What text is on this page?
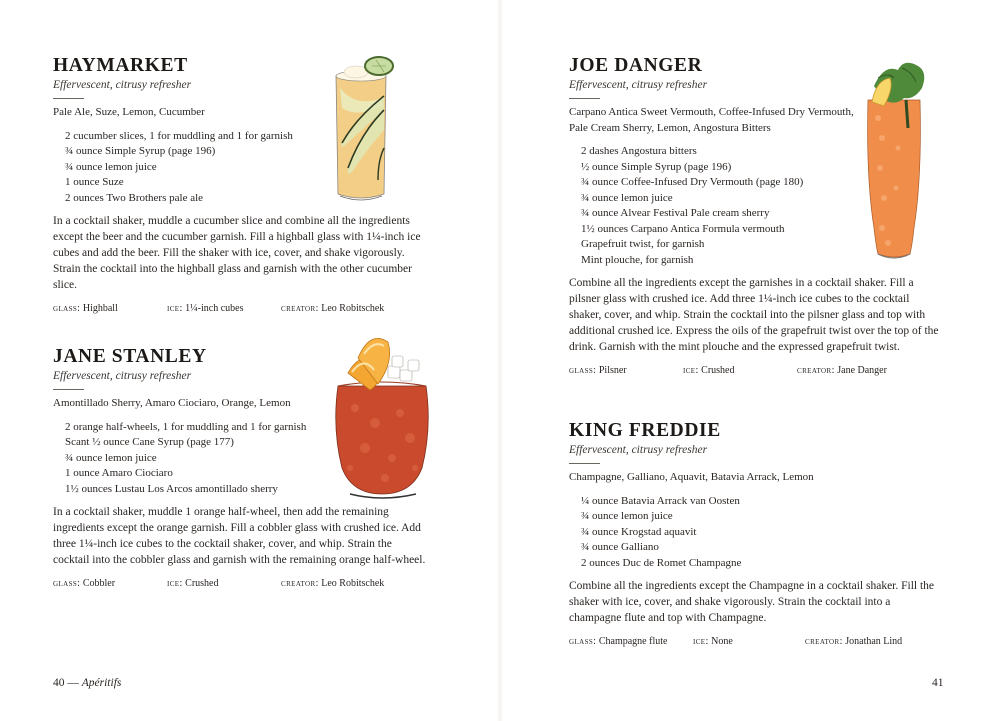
HAYMARKET
Effervescent, citrusy refresher
Pale Ale, Suze, Lemon, Cucumber
2 cucumber slices, 1 for muddling and 1 for garnish
¾ ounce Simple Syrup (page 196)
¾ ounce lemon juice
1 ounce Suze
2 ounces Two Brothers pale ale

In a cocktail shaker, muddle a cucumber slice and combine all the ingredients except the beer and the cucumber garnish. Fill a highball glass with 1¼-inch ice cubes and add the beer. Fill the shaker with ice, cover, and shake vigorously. Strain the cocktail into the highball glass and garnish with the other cucumber slice.

glass: Highball	ice: 1¼-inch cubes	creator: Leo Robitschek
JANE STANLEY
Effervescent, citrusy refresher
Amontillado Sherry, Amaro Ciociaro, Orange, Lemon
2 orange half-wheels, 1 for muddling and 1 for garnish
Scant ½ ounce Cane Syrup (page 177)
¾ ounce lemon juice
1 ounce Amaro Ciociaro
1½ ounces Lustau Los Arcos amontillado sherry

In a cocktail shaker, muddle 1 orange half-wheel, then add the remaining ingredients except the orange garnish. Fill a cobbler glass with crushed ice. Add three 1¼-inch ice cubes to the cocktail shaker, cover, and whip. Strain the cocktail into the cobbler glass and garnish with the remaining orange half-wheel.

glass: Cobbler	ice: Crushed	creator: Leo Robitschek
40 — Apéritifs
JOE DANGER
Effervescent, citrusy refresher
Carpano Antica Sweet Vermouth, Coffee-Infused Dry Vermouth, Pale Cream Sherry, Lemon, Angostura Bitters
2 dashes Angostura bitters
½ ounce Simple Syrup (page 196)
¾ ounce Coffee-Infused Dry Vermouth (page 180)
¾ ounce lemon juice
¾ ounce Alvear Festival Pale cream sherry
1½ ounces Carpano Antica Formula vermouth
Grapefruit twist, for garnish
Mint plouche, for garnish

Combine all the ingredients except the garnishes in a cocktail shaker. Fill a pilsner glass with crushed ice. Add three 1¼-inch ice cubes to the cocktail shaker, cover, and whip. Strain the cocktail into the pilsner glass and top with additional crushed ice. Express the oils of the grapefruit twist over the top of the drink. Garnish with the mint plouche and the expressed grapefruit twist.

glass: Pilsner	ice: Crushed	creator: Jane Danger
KING FREDDIE
Effervescent, citrusy refresher
Champagne, Galliano, Aquavit, Batavia Arrack, Lemon
¼ ounce Batavia Arrack van Oosten
¾ ounce lemon juice
¾ ounce Krogstad aquavit
¾ ounce Galliano
2 ounces Duc de Romet Champagne

Combine all the ingredients except the Champagne in a cocktail shaker. Fill the shaker with ice, cover, and shake vigorously. Strain the cocktail into a champagne flute and top with Champagne.

glass: Champagne flute	ice: None	creator: Jonathan Lind
41
